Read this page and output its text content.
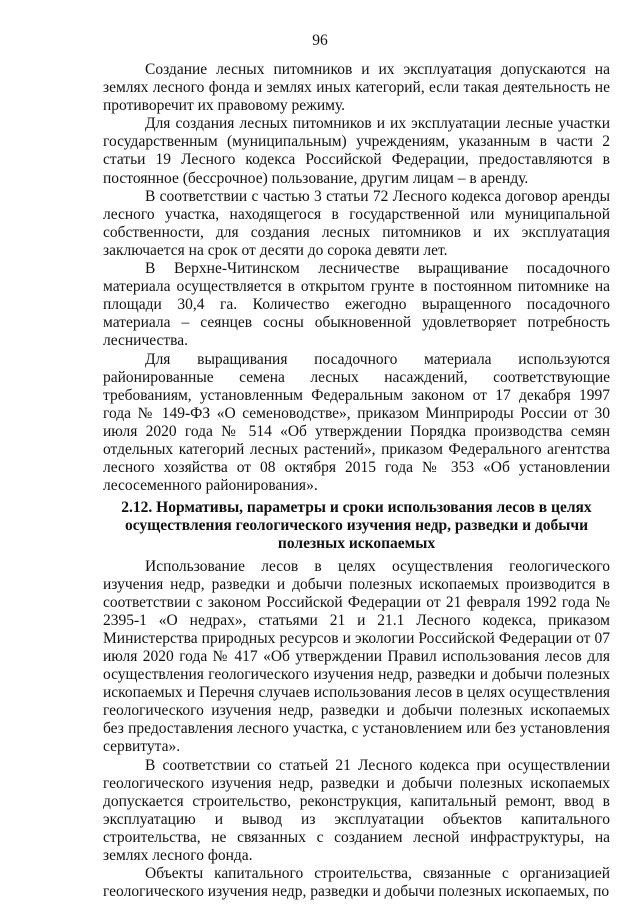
96

Создание лесных питомников и их эксплуатация допускаются на землях лесного фонда и землях иных категорий, если такая деятельность не противоречит их правовому режиму.

Для создания лесных питомников и их эксплуатации лесные участки государственным (муниципальным) учреждениям, указанным в части 2 статьи 19 Лесного кодекса Российской Федерации, предоставляются в постоянное (бессрочное) пользование, другим лицам – в аренду.

В соответствии с частью 3 статьи 72 Лесного кодекса договор аренды лесного участка, находящегося в государственной или муниципальной собственности, для создания лесных питомников и их эксплуатация заключается на срок от десяти до сорока девяти лет.

В Верхне-Читинском лесничестве выращивание посадочного материала осуществляется в открытом грунте в постоянном питомнике на площади 30,4 га. Количество ежегодно выращенного посадочного материала – сеянцев сосны обыкновенной удовлетворяет потребность лесничества.

Для выращивания посадочного материала используются районированные семена лесных насаждений, соответствующие требованиям, установленным Федеральным законом от 17 декабря 1997 года № 149-ФЗ «О семеноводстве», приказом Минприроды России от 30 июля 2020 года № 514 «Об утверждении Порядка производства семян отдельных категорий лесных растений», приказом Федерального агентства лесного хозяйства от 08 октября 2015 года № 353 «Об установлении лесосеменного районирования».

2.12. Нормативы, параметры и сроки использования лесов в целях осуществления геологического изучения недр, разведки и добычи полезных ископаемых

Использование лесов в целях осуществления геологического изучения недр, разведки и добычи полезных ископаемых производится в соответствии с законом Российской Федерации от 21 февраля 1992 года № 2395-1 «О недрах», статьями 21 и 21.1 Лесного кодекса, приказом Министерства природных ресурсов и экологии Российской Федерации от 07 июля 2020 года № 417 «Об утверждении Правил использования лесов для осуществления геологического изучения недр, разведки и добычи полезных ископаемых и Перечня случаев использования лесов в целях осуществления геологического изучения недр, разведки и добычи полезных ископаемых без предоставления лесного участка, с установлением или без установления сервитута».

В соответствии со статьей 21 Лесного кодекса при осуществлении геологического изучения недр, разведки и добычи полезных ископаемых допускается строительство, реконструкция, капитальный ремонт, ввод в эксплуатацию и вывод из эксплуатации объектов капитального строительства, не связанных с созданием лесной инфраструктуры, на землях лесного фонда.

Объекты капитального строительства, связанные с организацией геологического изучения недр, разведки и добычи полезных ископаемых, по
